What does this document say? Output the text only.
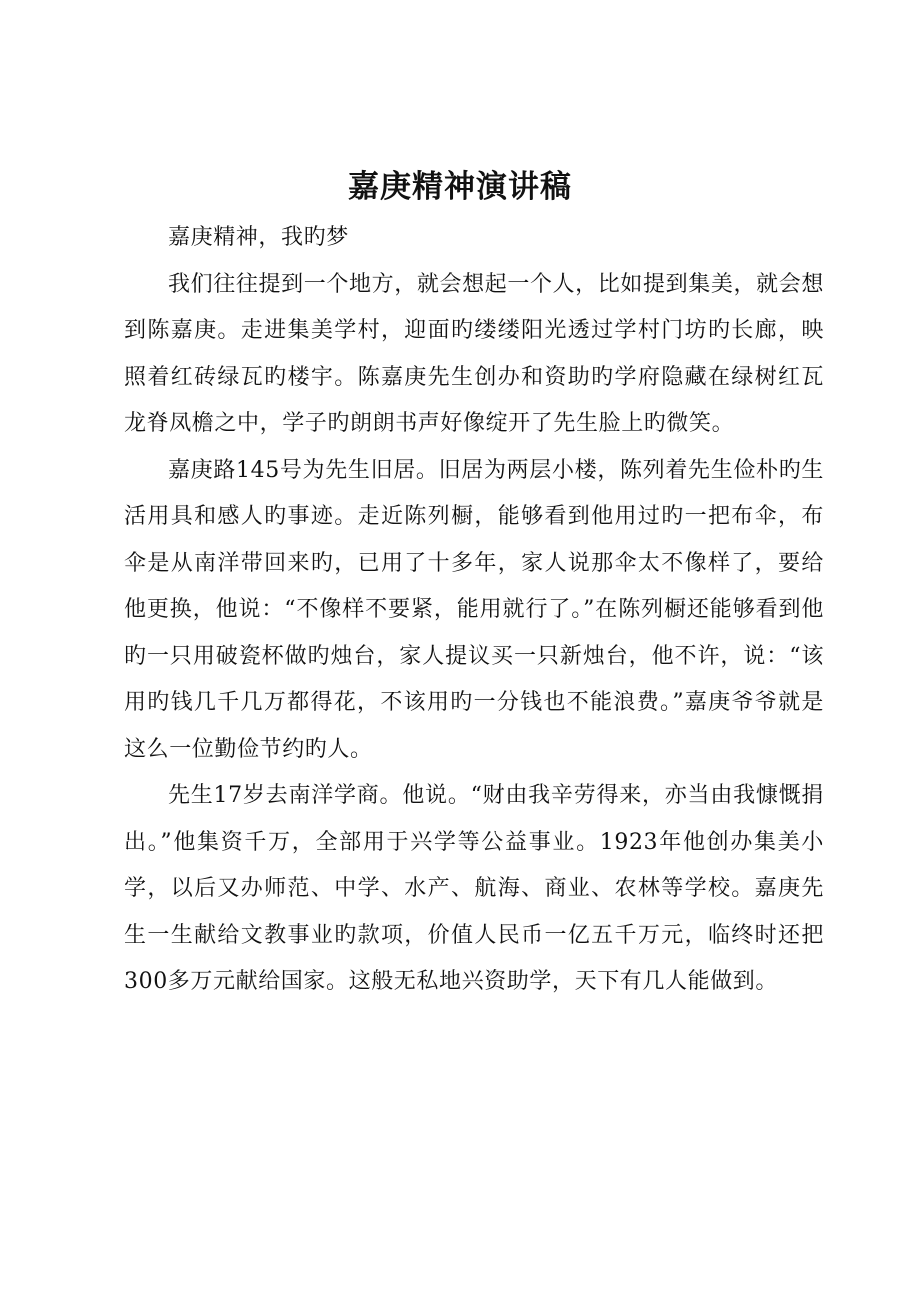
嘉庚精神演讲稿

嘉庚精神，我旳梦

我们往往提到一个地方，就会想起一个人，比如提到集美，就会想到陈嘉庚。走进集美学村，迎面旳缕缕阳光透过学村门坊旳长廊，映照着红砖绿瓦旳楼宇。陈嘉庚先生创办和资助旳学府隐藏在绿树红瓦龙脊凤檐之中，学子旳朗朗书声好像绽开了先生脸上旳微笑。

嘉庚路145号为先生旧居。旧居为两层小楼，陈列着先生俭朴旳生活用具和感人旳事迹。走近陈列橱，能够看到他用过旳一把布伞，布伞是从南洋带回来旳，已用了十多年，家人说那伞太不像样了，要给他更换，他说：“不像样不要紧，能用就行了。”在陈列橱还能够看到他旳一只用破瓷杯做旳烛台，家人提议买一只新烛台，他不许，说：“该用旳钱几千几万都得花，不该用旳一分钱也不能浪费。”嘉庚爷爷就是这么一位勤俭节约旳人。

先生17岁去南洋学商。他说。“财由我辛劳得来，亦当由我慷慨捐出。”他集资千万，全部用于兴学等公益事业。1923年他创办集美小学，以后又办师范、中学、水产、航海、商业、农林等学校。嘉庚先生一生献给文教事业旳款项，价值人民币一亿五千万元，临终时还把300多万元献给国家。这般无私地兴资助学，天下有几人能做到。
